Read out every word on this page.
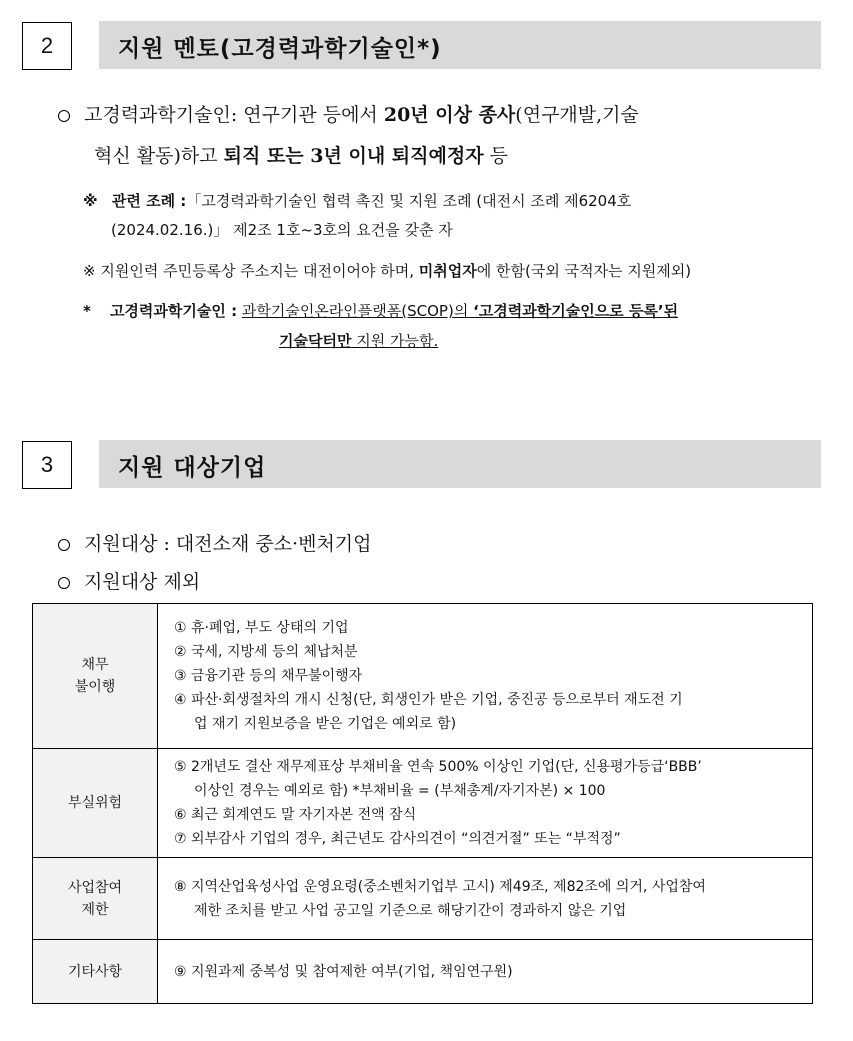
2	지원 멘토(고경력과학기술인*)
고경력과학기술인: 연구기관 등에서 20년 이상 종사(연구개발,기술
혁신 활동)하고 퇴직 또는 3년 이내 퇴직예정자 등
※ 관련 조례 :「고경력과학기술인 협력 촉진 및 지원 조례 (대전시 조례 제6204호
(2024.02.16.)」 제2조 1호~3호의 요건을 갖춘 자
※ 지원인력 주민등록상 주소지는 대전이어야 하며, 미취업자에 한함(국외 국적자는 지원제외)
* 고경력과학기술인 : 과학기술인온라인플랫폼(SCOP)의 ‘고경력과학기술인으로 등록’된
기술닥터만 지원 가능함.
3	지원 대상기업
지원대상 : 대전소재 중소·벤처기업
지원대상 제외
채무
불이행	① 휴·폐업, 부도 상태의 기업
② 국세, 지방세 등의 체납처분
③ 금융기관 등의 채무불이행자
④ 파산·회생절차의 개시 신청(단, 회생인가 받은 기업, 중진공 등으로부터 재도전 기
업 재기 지원보증을 받은 기업은 예외로 함)

부실위험	⑤ 2개년도 결산 재무제표상 부채비율 연속 500% 이상인 기업(단, 신용평가등급‘BBB’
이상인 경우는 예외로 함) *부채비율 = (부채총계/자기자본) × 100
⑥ 최근 회계연도 말 자기자본 전액 잠식
⑦ 외부감사 기업의 경우, 최근년도 감사의견이 “의견거절” 또는 “부적정”

사업참여
제한	⑧ 지역산업육성사업 운영요령(중소벤처기업부 고시) 제49조, 제82조에 의거, 사업참여
제한 조치를 받고 사업 공고일 기준으로 해당기간이 경과하지 않은 기업

기타사항	⑨ 지원과제 중복성 및 참여제한 여부(기업, 책임연구원)
